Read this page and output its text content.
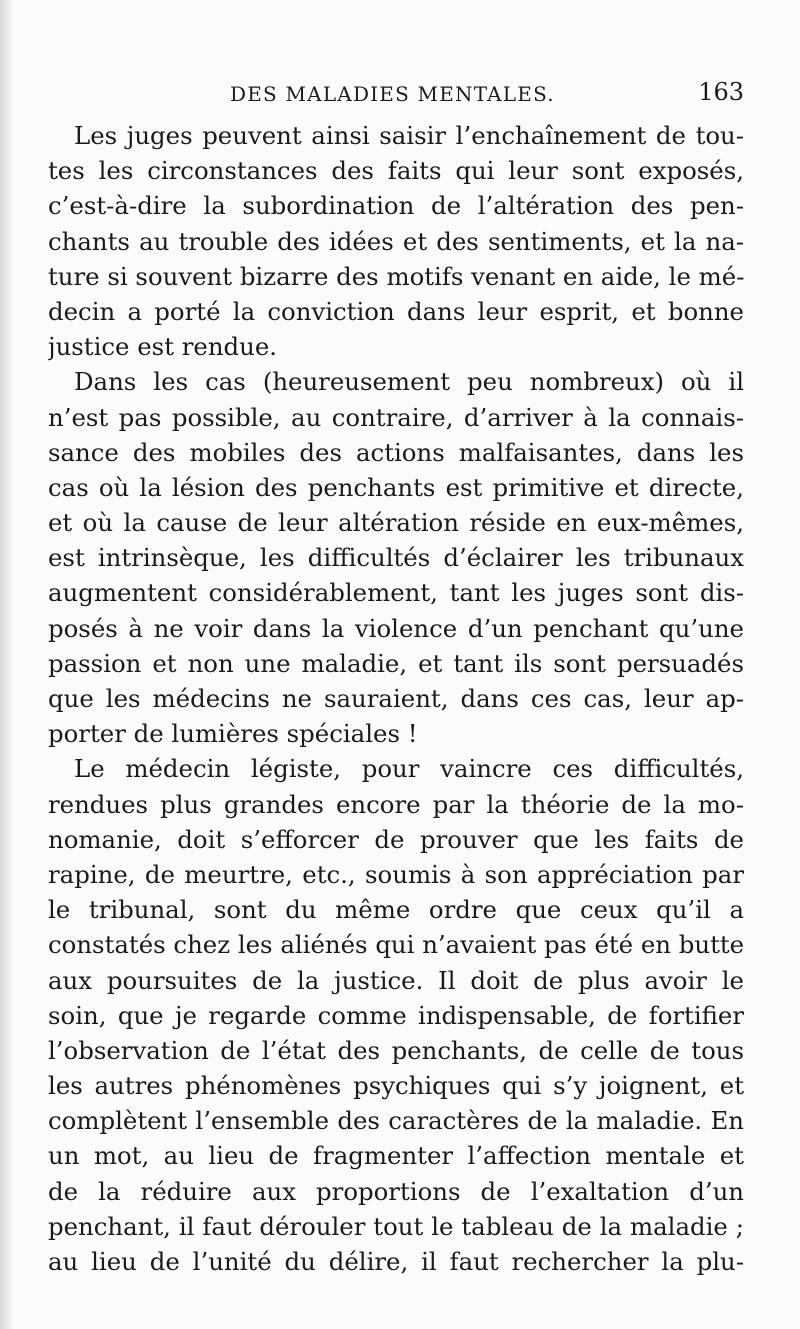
DES MALADIES MENTALES.	163
Les juges peuvent ainsi saisir l’enchaînement de tou-
tes les circonstances des faits qui leur sont exposés,
c’est-à-dire la subordination de l’altération des pen-
chants au trouble des idées et des sentiments, et la na-
ture si souvent bizarre des motifs venant en aide, le mé-
decin a porté la conviction dans leur esprit, et bonne
justice est rendue.
Dans les cas (heureusement peu nombreux) où il
n’est pas possible, au contraire, d’arriver à la connais-
sance des mobiles des actions malfaisantes, dans les
cas où la lésion des penchants est primitive et directe,
et où la cause de leur altération réside en eux-mêmes,
est intrinsèque, les difficultés d’éclairer les tribunaux
augmentent considérablement, tant les juges sont dis-
posés à ne voir dans la violence d’un penchant qu’une
passion et non une maladie, et tant ils sont persuadés
que les médecins ne sauraient, dans ces cas, leur ap-
porter de lumières spéciales !
Le médecin légiste, pour vaincre ces difficultés,
rendues plus grandes encore par la théorie de la mo-
nomanie, doit s’efforcer de prouver que les faits de
rapine, de meurtre, etc., soumis à son appréciation par
le tribunal, sont du même ordre que ceux qu’il a
constatés chez les aliénés qui n’avaient pas été en butte
aux poursuites de la justice. Il doit de plus avoir le
soin, que je regarde comme indispensable, de fortifier
l’observation de l’état des penchants, de celle de tous
les autres phénomènes psychiques qui s’y joignent, et
complètent l’ensemble des caractères de la maladie. En
un mot, au lieu de fragmenter l’affection mentale et
de la réduire aux proportions de l’exaltation d’un
penchant, il faut dérouler tout le tableau de la maladie ;
au lieu de l’unité du délire, il faut rechercher la plu-
